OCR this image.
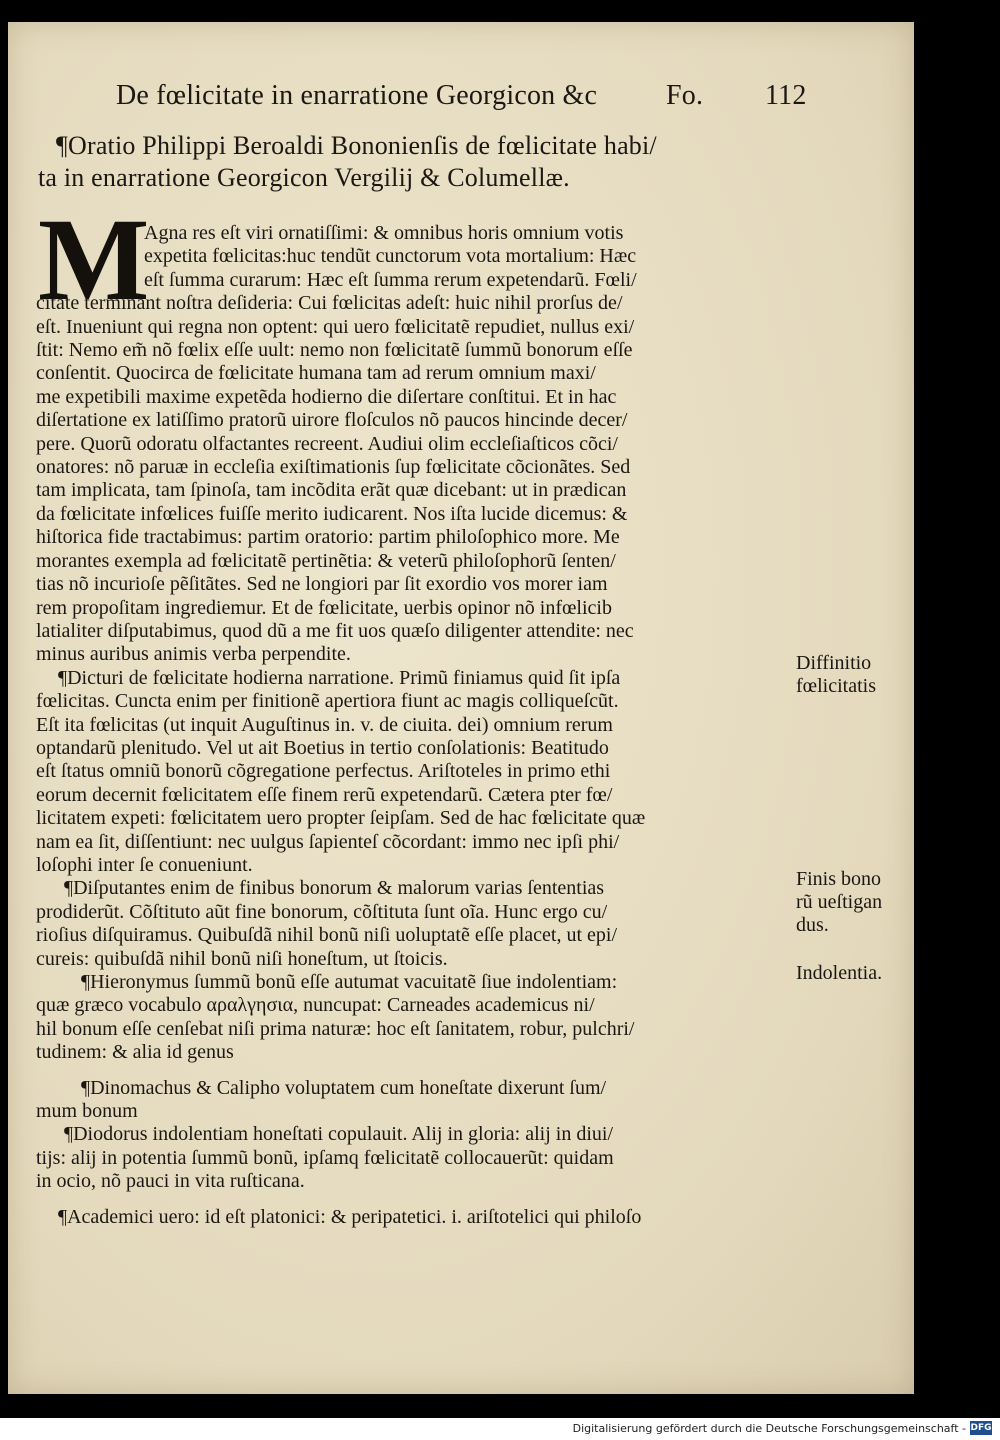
De fœlicitate in enarratione Georgicon &c Fo. 112
¶Oratio Philippi Beroaldi Bononienſis de fœlicitate habi/
ta in enarratione Georgicon Vergilij & Columellæ.
M
Agna res eſt viri ornatiſſimi: & omnibus horis omnium votis
expetita fœlicitas:huc tendũt cunctorum vota mortalium: Hæc
eſt ſumma curarum: Hæc eſt ſumma rerum expetendarũ. Fœli/
citate terminant noſtra deſideria: Cui fœlicitas adeſt: huic nihil prorſus de/
eſt. Inueniunt qui regna non optent: qui uero fœlicitatẽ repudiet, nullus exi/
ſtit: Nemo em̃ nõ fœlix eſſe uult: nemo non fœlicitatẽ ſummũ bonorum eſſe
conſentit. Quocirca de fœlicitate humana tam ad rerum omnium maxi/
me expetibili maxime expetẽda hodierno die diſertare conſtitui. Et in hac
diſertatione ex latiſſimo pratorũ uirore floſculos nõ paucos hincinde decer/
pere. Quorũ odoratu olfactantes recreent. Audiui olim eccleſiaſticos cõci/
onatores: nõ paruæ in eccleſia exiſtimationis ſup fœlicitate cõcionãtes. Sed
tam implicata, tam ſpinoſa, tam incõdita erãt quæ dicebant: ut in prædican
da fœlicitate infœlices fuiſſe merito iudicarent. Nos iſta lucide dicemus: &
hiſtorica fide tractabimus: partim oratorio: partim philoſophico more. Me
morantes exempla ad fœlicitatẽ pertinẽtia: & veterũ philoſophorũ ſenten/
tias nõ incurioſe pẽſitãtes. Sed ne longiori par ſit exordio vos morer iam
rem propoſitam ingrediemur. Et de fœlicitate, uerbis opinor nõ infœlicib
latialiter diſputabimus, quod dũ a me fit uos quæſo diligenter attendite: nec
minus auribus animis verba perpendite.
¶Dicturi de fœlicitate hodierna narratione. Primũ finiamus quid ſit ipſa
fœlicitas. Cuncta enim per finitionẽ apertiora fiunt ac magis colliqueſcũt.
Eſt ita fœlicitas (ut inquit Auguſtinus in. v. de ciuita. dei) omnium rerum
optandarũ plenitudo. Vel ut ait Boetius in tertio conſolationis: Beatitudo
eſt ſtatus omniũ bonorũ cõgregatione perfectus. Ariſtoteles in primo ethi
eorum decernit fœlicitatem eſſe finem rerũ expetendarũ. Cætera pter fœ/
licitatem expeti: fœlicitatem uero propter ſeipſam. Sed de hac fœlicitate quæ
nam ea ſit, diſſentiunt: nec uulgus ſapienteſ cõcordant: immo nec ipſi phi/
loſophi inter ſe conueniunt.
¶Diſputantes enim de finibus bonorum & malorum varias ſententias
prodiderũt. Cõſtituto aũt fine bonorum, cõſtituta ſunt oĩa. Hunc ergo cu/
rioſius diſquiramus. Quibuſdã nihil bonũ niſi uoluptatẽ eſſe placet, ut epi/
cureis: quibuſdã nihil bonũ niſi honeſtum, ut ſtoicis.
¶Hieronymus ſummũ bonũ eſſe autumat vacuitatẽ ſiue indolentiam:
quæ græco vocabulo αραλγησια, nuncupat: Carneades academicus ni/
hil bonum eſſe cenſebat niſi prima naturæ: hoc eſt ſanitatem, robur, pulchri/
tudinem: & alia id genus
¶Dinomachus & Calipho voluptatem cum honeſtate dixerunt ſum/
mum bonum
¶Diodorus indolentiam honeſtati copulauit. Alij in gloria: alij in diui/
tijs: alij in potentia ſummũ bonũ, ipſamq fœlicitatẽ collocauerũt: quidam
in ocio, nõ pauci in vita ruſticana.
¶Academici uero: id eſt platonici: & peripatetici. i. ariſtotelici qui philoſo
Diffinitio
fœlicitatis
Finis bono
rũ ueſtigan
dus.
Indolentia.
Digitalisierung gefördert durch die Deutsche Forschungsgemeinschaft - DFG
